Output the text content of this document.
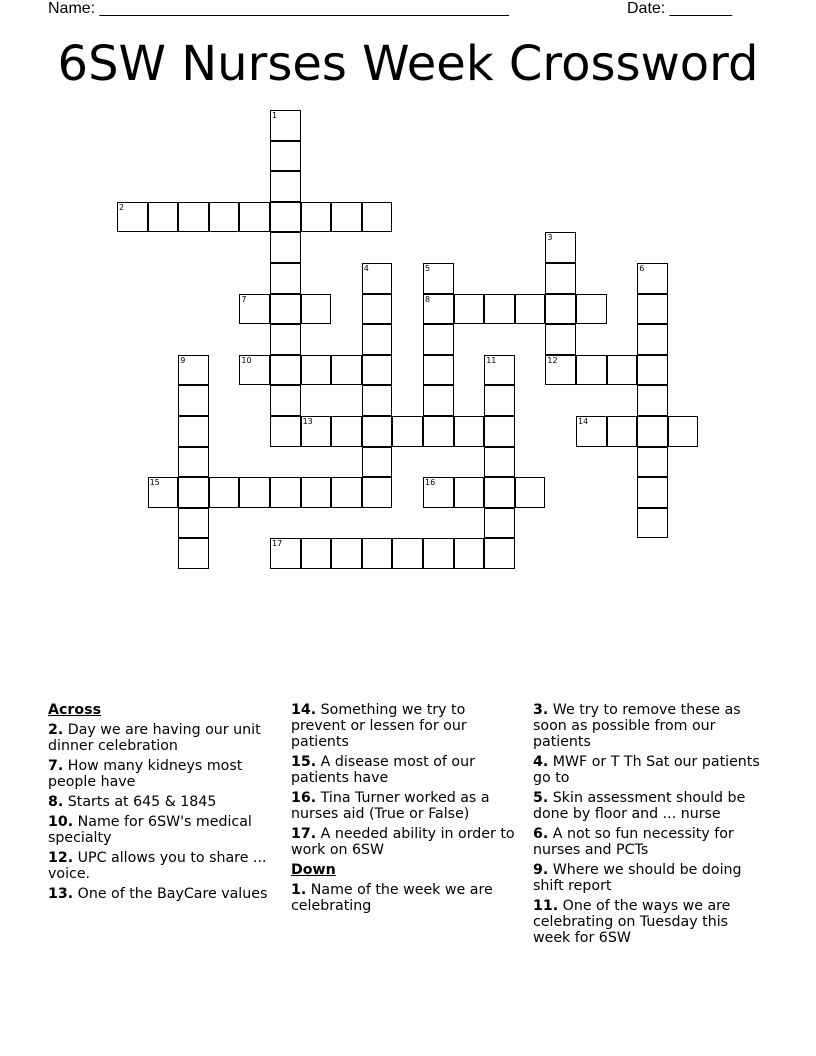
Name: ______________________________________________	Date: _______
6SW Nurses Week Crossword
1
2
3
12
4	5
8
6
7
9	10	11
13	14
15	16
17
Across
2. Day we are having our unit dinner celebration
7. How many kidneys most people have
8. Starts at 645 & 1845
10. Name for 6SW's medical specialty
12. UPC allows you to share ... voice.
13. One of the BayCare values
14. Something we try to prevent or lessen for our patients
15. A disease most of our patients have
16. Tina Turner worked as a nurses aid (True or False)
17. A needed ability in order to work on 6SW
Down
1. Name of the week we are celebrating
3. We try to remove these as soon as possible from our patients
4. MWF or T Th Sat our patients go to
5. Skin assessment should be done by floor and ... nurse
6. A not so fun necessity for nurses and PCTs
9. Where we should be doing shift report
11. One of the ways we are celebrating on Tuesday this week for 6SW
